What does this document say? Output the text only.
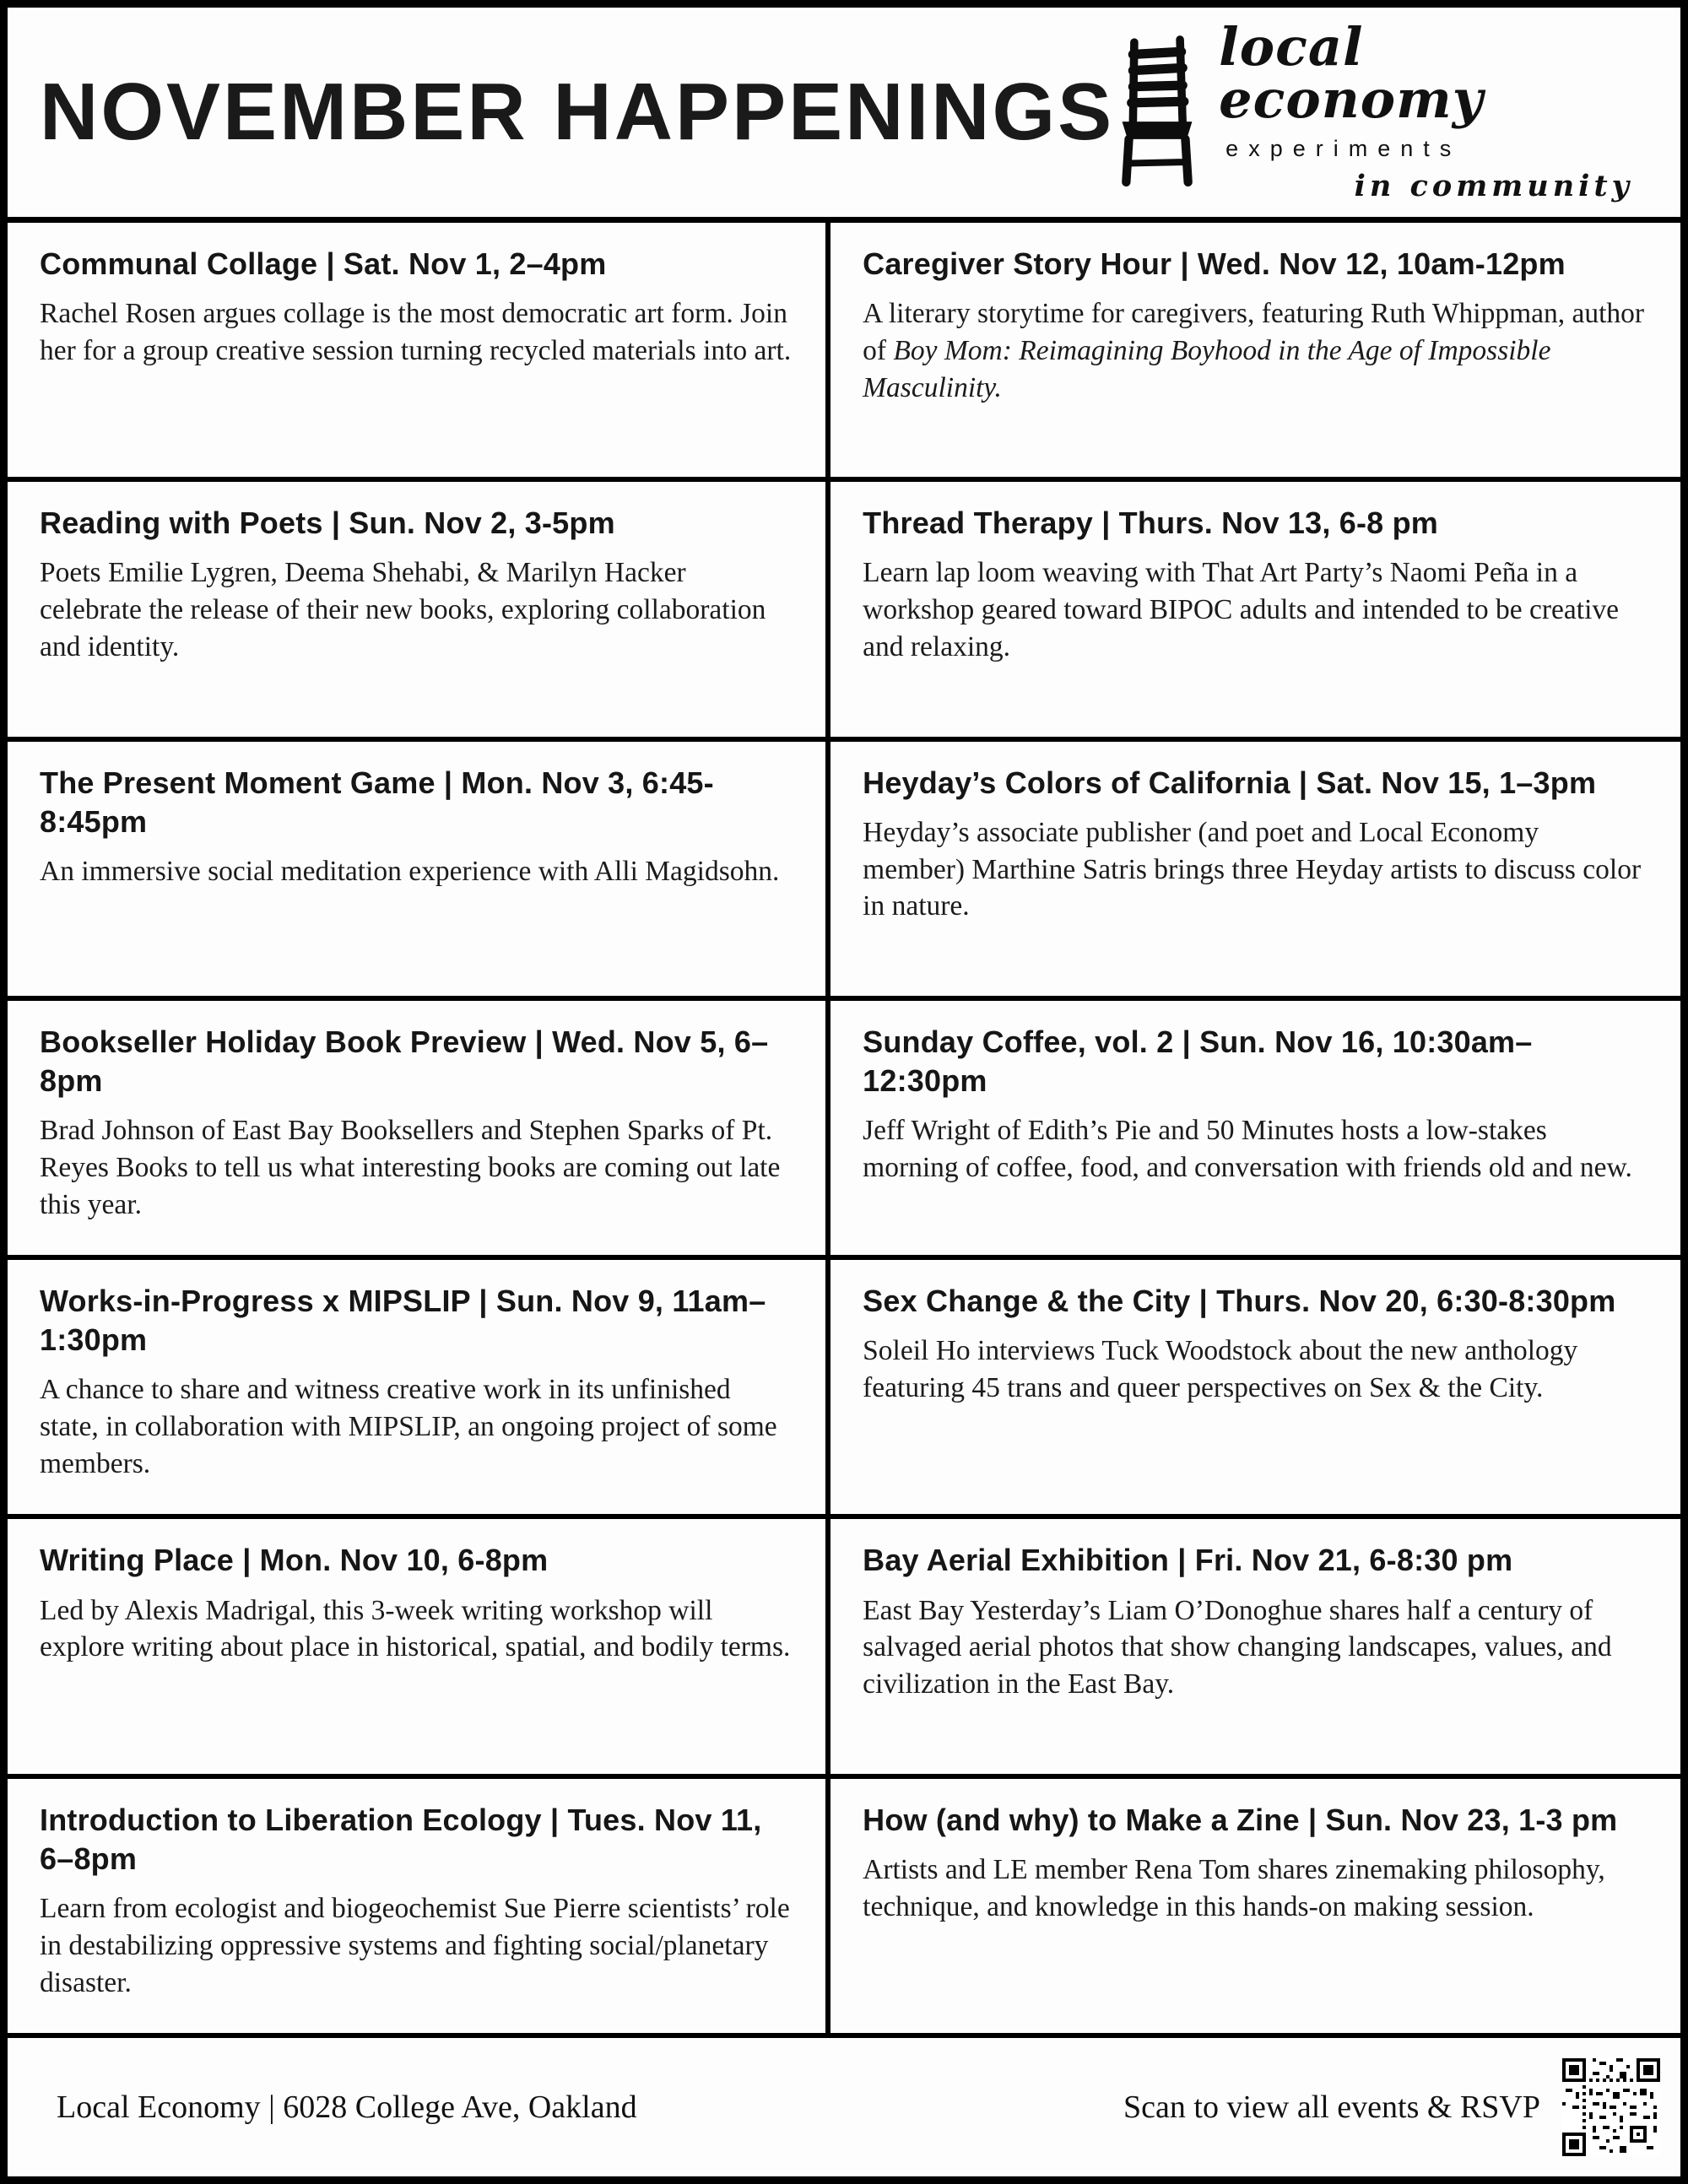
NOVEMBER HAPPENINGS
local economy
experiments
in community
Communal Collage | Sat. Nov 1, 2–4pm

Rachel Rosen argues collage is the most democratic art form. Join her for a group creative session turning recycled materials into art.

Caregiver Story Hour | Wed. Nov 12, 10am-12pm

A literary storytime for caregivers, featuring Ruth Whippman, author of Boy Mom: Reimagining Boyhood in the Age of Impossible Masculinity.

Reading with Poets | Sun. Nov 2, 3-5pm

Poets Emilie Lygren, Deema Shehabi, & Marilyn Hacker celebrate the release of their new books, exploring collaboration and identity.

Thread Therapy | Thurs. Nov 13, 6-8 pm

Learn lap loom weaving with That Art Party’s Naomi Peña in a workshop geared toward BIPOC adults and intended to be creative and relaxing.

The Present Moment Game | Mon. Nov 3, 6:45-8:45pm

An immersive social meditation experience with Alli Magidsohn.

Heyday’s Colors of California | Sat. Nov 15, 1–3pm

Heyday’s associate publisher (and poet and Local Economy member) Marthine Satris brings three Heyday artists to discuss color in nature.

Bookseller Holiday Book Preview | Wed. Nov 5, 6–8pm

Brad Johnson of East Bay Booksellers and Stephen Sparks of Pt. Reyes Books to tell us what interesting books are coming out late this year.

Sunday Coffee, vol. 2 | Sun. Nov 16, 10:30am–12:30pm

Jeff Wright of Edith’s Pie and 50 Minutes hosts a low-stakes morning of coffee, food, and conversation with friends old and new.

Works-in-Progress x MIPSLIP | Sun. Nov 9, 11am–1:30pm

A chance to share and witness creative work in its unfinished state, in collaboration with MIPSLIP, an ongoing project of some members.

Sex Change & the City | Thurs. Nov 20, 6:30-8:30pm

Soleil Ho interviews Tuck Woodstock about the new anthology featuring 45 trans and queer perspectives on Sex & the City.

Writing Place | Mon. Nov 10, 6-8pm

Led by Alexis Madrigal, this 3-week writing workshop will explore writing about place in historical, spatial, and bodily terms.

Bay Aerial Exhibition | Fri. Nov 21, 6-8:30 pm

East Bay Yesterday’s Liam O’Donoghue shares half a century of salvaged aerial photos that show changing landscapes, values, and civilization in the East Bay.

Introduction to Liberation Ecology | Tues. Nov 11, 6–8pm

Learn from ecologist and biogeochemist Sue Pierre scientists’ role in destabilizing oppressive systems and fighting social/planetary disaster.

How (and why) to Make a Zine | Sun. Nov 23, 1-3 pm

Artists and LE member Rena Tom shares zinemaking philosophy, technique, and knowledge in this hands-on making session.

Local Economy | 6028 College Ave, Oakland	Scan to view all events & RSVP
